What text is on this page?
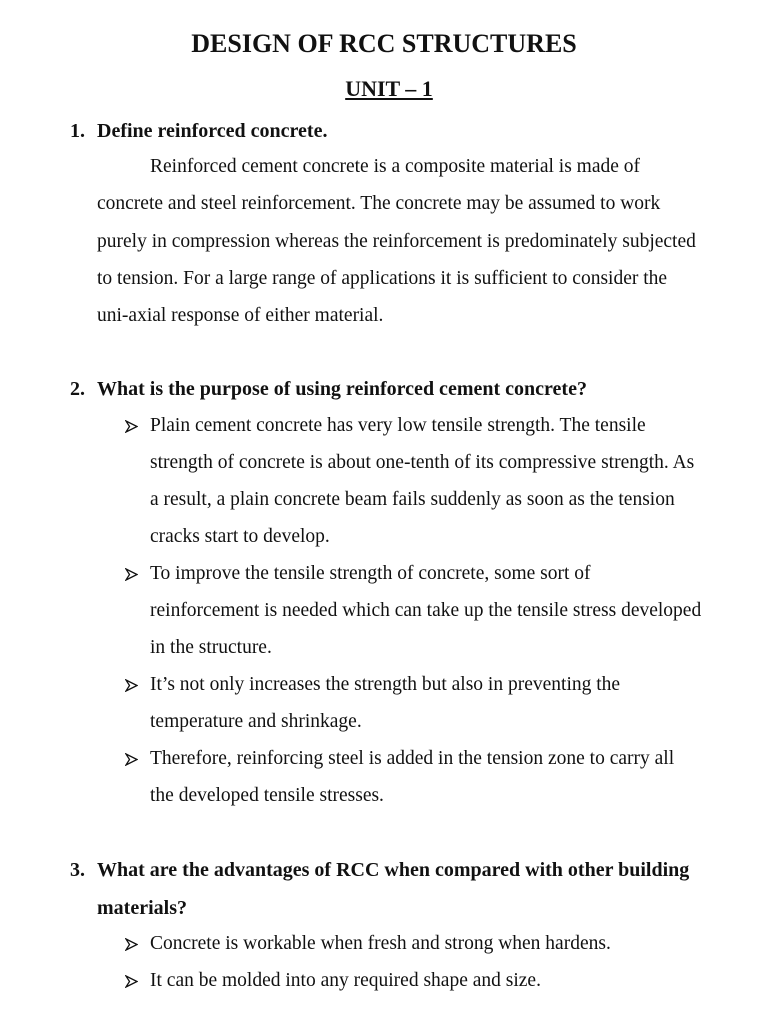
DESIGN OF RCC STRUCTURES
UNIT – 1
1. Define reinforced concrete.
Reinforced cement concrete is a composite material is made of
concrete and steel reinforcement. The concrete may be assumed to work
purely in compression whereas the reinforcement is predominately subjected
to tension. For a large range of applications it is sufficient to consider the
uni-axial response of either material.
2. What is the purpose of using reinforced cement concrete?
Plain cement concrete has very low tensile strength. The tensile
strength of concrete is about one-tenth of its compressive strength. As
a result, a plain concrete beam fails suddenly as soon as the tension
cracks start to develop.
To improve the tensile strength of concrete, some sort of
reinforcement is needed which can take up the tensile stress developed
in the structure.
It’s not only increases the strength but also in preventing the
temperature and shrinkage.
Therefore, reinforcing steel is added in the tension zone to carry all
the developed tensile stresses.
3. What are the advantages of RCC when compared with other building
materials?
Concrete is workable when fresh and strong when hardens.
It can be molded into any required shape and size.
